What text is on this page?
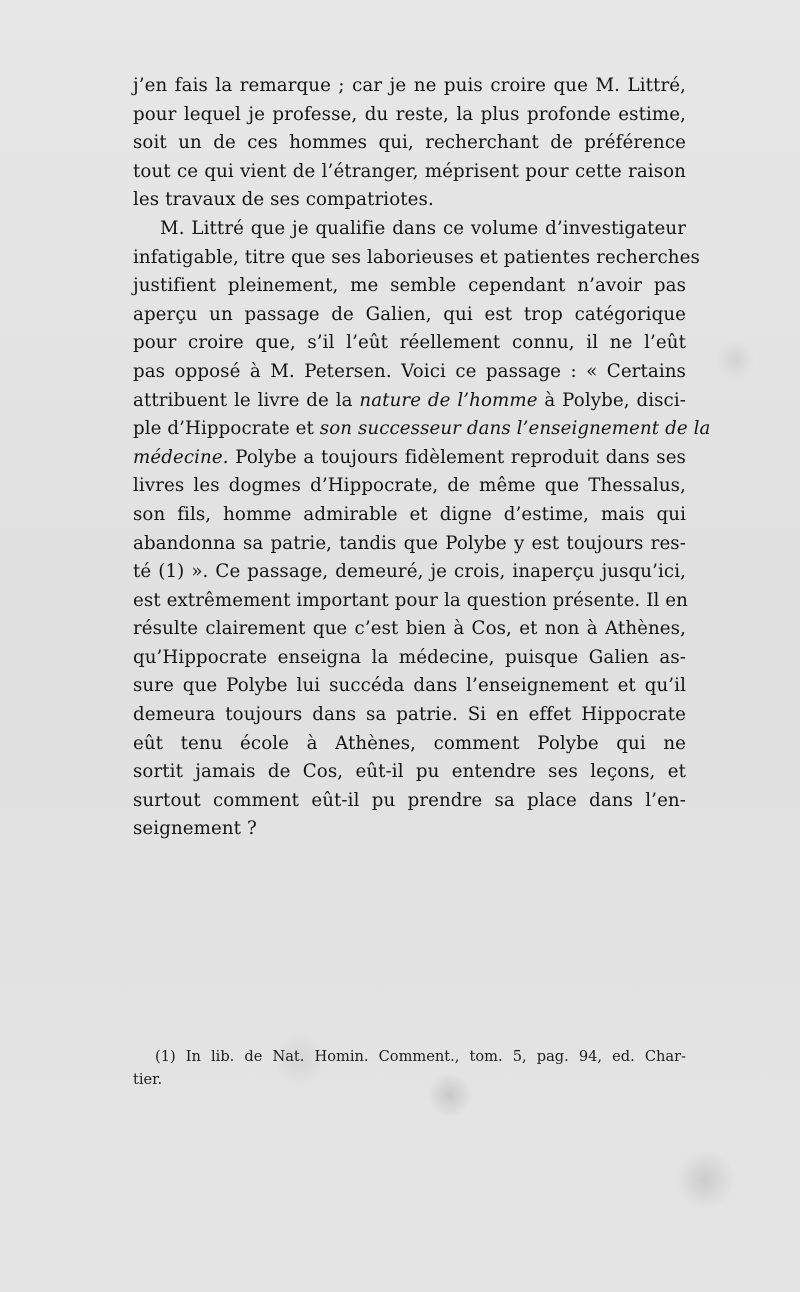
j’en fais la remarque ; car je ne puis croire que M. Littré,
pour lequel je professe, du reste, la plus profonde estime,
soit un de ces hommes qui, recherchant de préférence
tout ce qui vient de l’étranger, méprisent pour cette raison
les travaux de ses compatriotes.

M. Littré que je qualifie dans ce volume d’investigateur
infatigable, titre que ses laborieuses et patientes recherches
justifient pleinement, me semble cependant n’avoir pas
aperçu un passage de Galien, qui est trop catégorique
pour croire que, s’il l’eût réellement connu, il ne l’eût
pas opposé à M. Petersen. Voici ce passage : « Certains
attribuent le livre de la nature de l’homme à Polybe, disci-
ple d’Hippocrate et son successeur dans l’enseignement de la
médecine. Polybe a toujours fidèlement reproduit dans ses
livres les dogmes d’Hippocrate, de même que Thessalus,
son fils, homme admirable et digne d’estime, mais qui
abandonna sa patrie, tandis que Polybe y est toujours res-
té (1) ». Ce passage, demeuré, je crois, inaperçu jusqu’ici,
est extrêmement important pour la question présente. Il en
résulte clairement que c’est bien à Cos, et non à Athènes,
qu’Hippocrate enseigna la médecine, puisque Galien as-
sure que Polybe lui succéda dans l’enseignement et qu’il
demeura toujours dans sa patrie. Si en effet Hippocrate
eût tenu école à Athènes, comment Polybe qui ne
sortit jamais de Cos, eût-il pu entendre ses leçons, et
surtout comment eût-il pu prendre sa place dans l’en-
seignement ?

(1) In lib. de Nat. Homin. Comment., tom. 5, pag. 94, ed. Char-
tier.
